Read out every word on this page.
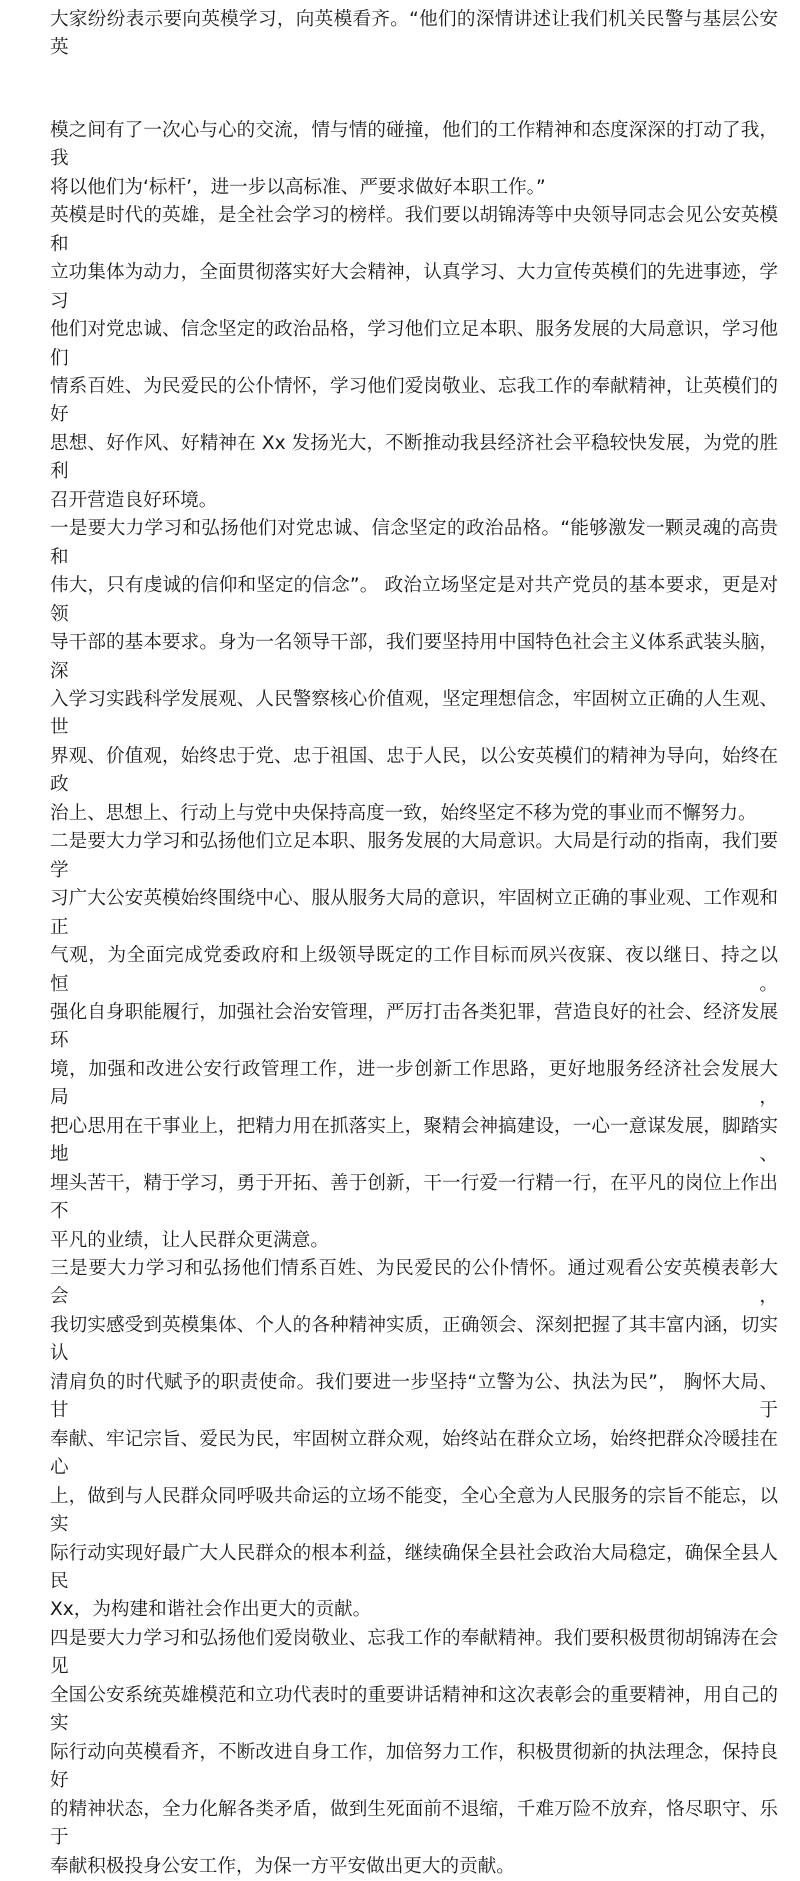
大家纷纷表示要向英模学习，向英模看齐。“他们的深情讲述让我们机关民警与基层公安英
模之间有了一次心与心的交流，情与情的碰撞，他们的工作精神和态度深深的打动了我，我
将以他们为‘标杆’，进一步以高标准、严要求做好本职工作。”
英模是时代的英雄，是全社会学习的榜样。我们要以胡锦涛等中央领导同志会见公安英模和
立功集体为动力，全面贯彻落实好大会精神，认真学习、大力宣传英模们的先进事迹，学习
他们对党忠诚、信念坚定的政治品格，学习他们立足本职、服务发展的大局意识，学习他们
情系百姓、为民爱民的公仆情怀，学习他们爱岗敬业、忘我工作的奉献精神，让英模们的好
思想、好作风、好精神在 Xx 发扬光大，不断推动我县经济社会平稳较快发展，为党的胜利
召开营造良好环境。
一是要大力学习和弘扬他们对党忠诚、信念坚定的政治品格。“能够激发一颗灵魂的高贵和
伟大，只有虔诚的信仰和坚定的信念”。 政治立场坚定是对共产党员的基本要求，更是对领
导干部的基本要求。身为一名领导干部，我们要坚持用中国特色社会主义体系武装头脑，深
入学习实践科学发展观、人民警察核心价值观，坚定理想信念，牢固树立正确的人生观、世
界观、价值观，始终忠于党、忠于祖国、忠于人民，以公安英模们的精神为导向，始终在政
治上、思想上、行动上与党中央保持高度一致，始终坚定不移为党的事业而不懈努力。
二是要大力学习和弘扬他们立足本职、服务发展的大局意识。大局是行动的指南，我们要学
习广大公安英模始终围绕中心、服从服务大局的意识，牢固树立正确的事业观、工作观和正
气观，为全面完成党委政府和上级领导既定的工作目标而夙兴夜寐、夜以继日、持之以恒。
强化自身职能履行，加强社会治安管理，严厉打击各类犯罪，营造良好的社会、经济发展环
境，加强和改进公安行政管理工作，进一步创新工作思路，更好地服务经济社会发展大局，
把心思用在干事业上，把精力用在抓落实上，聚精会神搞建设，一心一意谋发展，脚踏实地、
埋头苦干，精于学习，勇于开拓、善于创新，干一行爱一行精一行，在平凡的岗位上作出不
平凡的业绩，让人民群众更满意。
三是要大力学习和弘扬他们情系百姓、为民爱民的公仆情怀。通过观看公安英模表彰大会，
我切实感受到英模集体、个人的各种精神实质，正确领会、深刻把握了其丰富内涵，切实认
清肩负的时代赋予的职责使命。我们要进一步坚持“立警为公、执法为民”， 胸怀大局、甘于
奉献、牢记宗旨、爱民为民，牢固树立群众观，始终站在群众立场，始终把群众冷暖挂在心
上，做到与人民群众同呼吸共命运的立场不能变，全心全意为人民服务的宗旨不能忘，以实
际行动实现好最广大人民群众的根本利益，继续确保全县社会政治大局稳定，确保全县人民
Xx，为构建和谐社会作出更大的贡献。
四是要大力学习和弘扬他们爱岗敬业、忘我工作的奉献精神。我们要积极贯彻胡锦涛在会见
全国公安系统英雄模范和立功代表时的重要讲话精神和这次表彰会的重要精神，用自己的实
际行动向英模看齐，不断改进自身工作，加倍努力工作，积极贯彻新的执法理念，保持良好
的精神状态，全力化解各类矛盾，做到生死面前不退缩，千难万险不放弃，恪尽职守、乐于
奉献积极投身公安工作，为保一方平安做出更大的贡献。
